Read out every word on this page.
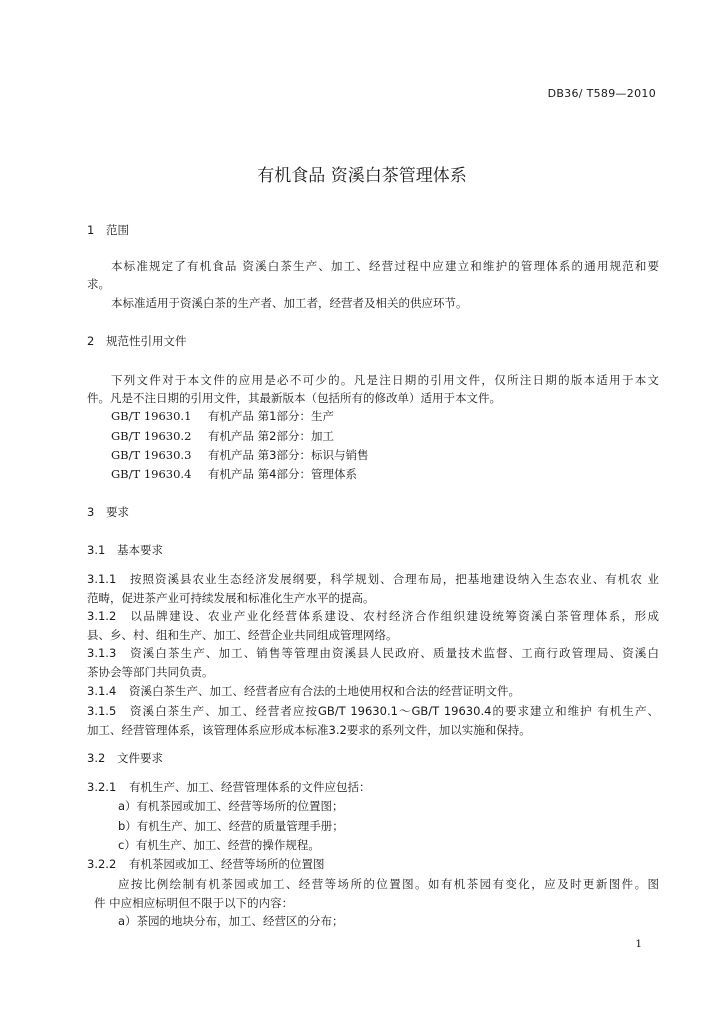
DB36/ T589—2010
有机食品 资溪白茶管理体系
1 范围
本标准规定了有机食品 资溪白茶生产、加工、经营过程中应建立和维护的管理体系的通用规范和要
求。
本标准适用于资溪白茶的生产者、加工者，经营者及相关的供应环节。
2 规范性引用文件
下列文件对于本文件的应用是必不可少的。凡是注日期的引用文件，仅所注日期的版本适用于本文
件。凡是不注日期的引用文件，其最新版本（包括所有的修改单）适用于本文件。
GB/T 19630.1 有机产品 第1部分：生产
GB/T 19630.2 有机产品 第2部分：加工
GB/T 19630.3 有机产品 第3部分：标识与销售
GB/T 19630.4 有机产品 第4部分：管理体系
3 要求
3.1 基本要求
3.1.1 按照资溪县农业生态经济发展纲要，科学规划、合理布局，把基地建设纳入生态农业、有机农 业
范畴，促进茶产业可持续发展和标准化生产水平的提高。
3.1.2 以品牌建设、农业产业化经营体系建设、农村经济合作组织建设统筹资溪白茶管理体系，形成
县、乡、村、组和生产、加工、经营企业共同组成管理网络。
3.1.3 资溪白茶生产、加工、销售等管理由资溪县人民政府、质量技术监督、工商行政管理局、资溪白
茶协会等部门共同负责。
3.1.4 资溪白茶生产、加工、经营者应有合法的土地使用权和合法的经营证明文件。
3.1.5 资溪白茶生产、加工、经营者应按GB/T 19630.1～GB/T 19630.4的要求建立和维护 有机生产、
加工、经营管理体系，该管理体系应形成本标准3.2要求的系列文件，加以实施和保持。
3.2 文件要求
3.2.1 有机生产、加工、经营管理体系的文件应包括：
a）有机茶园或加工、经营等场所的位置图；
b）有机生产、加工、经营的质量管理手册；
c）有机生产、加工、经营的操作规程。
3.2.2 有机茶园或加工、经营等场所的位置图
应按比例绘制有机茶园或加工、经营等场所的位置图。如有机茶园有变化，应及时更新图件。图
件 中应相应标明但不限于以下的内容：
a）茶园的地块分布，加工、经营区的分布；
1
